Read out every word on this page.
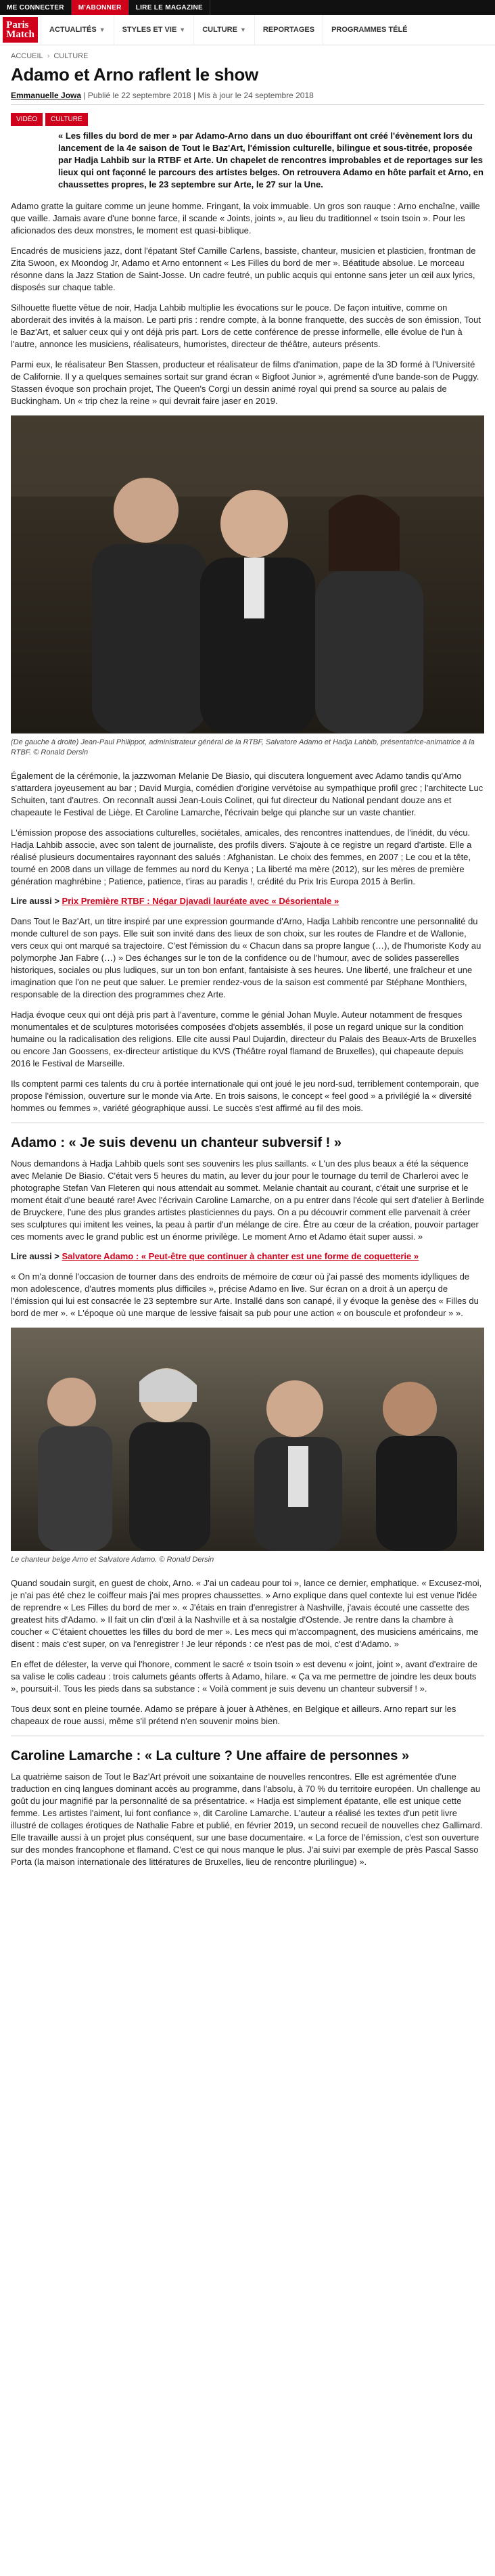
ME CONNECTER	M'ABONNER	LIRE LE MAGAZINE
Paris
Match ACTUALITÉS ▼ STYLES ET VIE ▼ CULTURE ▼ REPORTAGES PROGRAMMES TÉLÉ
ACCUEIL › CULTURE
Adamo et Arno raflent le show
Emmanuelle Jowa | Publié le 22 septembre 2018 | Mis à jour le 24 septembre 2018
VIDÉO	CULTURE

« Les filles du bord de mer » par Adamo-Arno dans un duo ébouriffant ont créé l'évènement lors du lancement de la 4e saison de Tout le Baz'Art, l'émission culturelle, bilingue et sous-titrée, proposée par Hadja Lahbib sur la RTBF et Arte. Un chapelet de rencontres improbables et de reportages sur les lieux qui ont façonné le parcours des artistes belges. On retrouvera Adamo en hôte parfait et Arno, en chaussettes propres, le 23 septembre sur Arte, le 27 sur la Une.

Adamo gratte la guitare comme un jeune homme. Fringant, la voix immuable. Un gros son rauque : Arno enchaîne, vaille que vaille. Jamais avare d'une bonne farce, il scande « Joints, joints », au lieu du traditionnel « tsoin tsoin ». Pour les aficionados des deux monstres, le moment est quasi-biblique.

Encadrés de musiciens jazz, dont l'épatant Stef Camille Carlens, bassiste, chanteur, musicien et plasticien, frontman de Zita Swoon, ex Moondog Jr, Adamo et Arno entonnent « Les Filles du bord de mer ». Béatitude absolue. Le morceau résonne dans la Jazz Station de Saint-Josse. Un cadre feutré, un public acquis qui entonne sans jeter un œil aux lyrics, disposés sur chaque table.

Silhouette fluette vêtue de noir, Hadja Lahbib multiplie les évocations sur le pouce. De façon intuitive, comme on aborderait des invités à la maison. Le parti pris : rendre compte, à la bonne franquette, des succès de son émission, Tout le Baz'Art, et saluer ceux qui y ont déjà pris part. Lors de cette conférence de presse informelle, elle évolue de l'un à l'autre, annonce les musiciens, réalisateurs, humoristes, directeur de théâtre, auteurs présents.

Parmi eux, le réalisateur Ben Stassen, producteur et réalisateur de films d'animation, pape de la 3D formé à l'Université de Californie. Il y a quelques semaines sortait sur grand écran « Bigfoot Junior », agrémenté d'une bande-son de Puggy. Stassen évoque son prochain projet, The Queen's Corgi un dessin animé royal qui prend sa source au palais de Buckingham. Un « trip chez la reine » qui devrait faire jaser en 2019.

(De gauche à droite) Jean-Paul Philippot, administrateur général de la RTBF, Salvatore Adamo et Hadja Lahbib, présentatrice-animatrice à la RTBF. © Ronald Dersin

Également de la cérémonie, la jazzwoman Melanie De Biasio, qui discutera longuement avec Adamo tandis qu'Arno s'attardera joyeusement au bar ; David Murgia, comédien d'origine vervétoise au sympathique profil grec ; l'architecte Luc Schuiten, tant d'autres. On reconnaît aussi Jean-Louis Colinet, qui fut directeur du National pendant douze ans et chapeaute le Festival de Liège. Et Caroline Lamarche, l'écrivain belge qui planche sur un vaste chantier.

L'émission propose des associations culturelles, sociétales, amicales, des rencontres inattendues, de l'inédit, du vécu. Hadja Lahbib associe, avec son talent de journaliste, des profils divers. S'ajoute à ce registre un regard d'artiste. Elle a réalisé plusieurs documentaires rayonnant des salués : Afghanistan. Le choix des femmes, en 2007 ; Le cou et la tête, tourné en 2008 dans un village de femmes au nord du Kenya ; La liberté ma mère (2012), sur les mères de première génération maghrébine ; Patience, patience, t'iras au paradis !, crédité du Prix Iris Europa 2015 à Berlin.

Lire aussi > Prix Première RTBF : Négar Djavadi lauréate avec « Désorientale »

Dans Tout le Baz'Art, un titre inspiré par une expression gourmande d'Arno, Hadja Lahbib rencontre une personnalité du monde culturel de son pays. Elle suit son invité dans des lieux de son choix, sur les routes de Flandre et de Wallonie, vers ceux qui ont marqué sa trajectoire. C'est l'émission du « Chacun dans sa propre langue (…), de l'humoriste Kody au polymorphe Jan Fabre (…) » Des échanges sur le ton de la confidence ou de l'humour, avec de solides passerelles historiques, sociales ou plus ludiques, sur un ton bon enfant, fantaisiste à ses heures. Une liberté, une fraîcheur et une imagination que l'on ne peut que saluer. Le premier rendez-vous de la saison est commenté par Stéphane Monthiers, responsable de la direction des programmes chez Arte.

Hadja évoque ceux qui ont déjà pris part à l'aventure, comme le génial Johan Muyle. Auteur notamment de fresques monumentales et de sculptures motorisées composées d'objets assemblés, il pose un regard unique sur la condition humaine ou la radicalisation des religions. Elle cite aussi Paul Dujardin, directeur du Palais des Beaux-Arts de Bruxelles ou encore Jan Goossens, ex-directeur artistique du KVS (Théâtre royal flamand de Bruxelles), qui chapeaute depuis 2016 le Festival de Marseille.

Ils comptent parmi ces talents du cru à portée internationale qui ont joué le jeu nord-sud, terriblement contemporain, que propose l'émission, ouverture sur le monde via Arte. En trois saisons, le concept « feel good » a privilégié la « diversité hommes ou femmes », variété géographique aussi. Le succès s'est affirmé au fil des mois.

Adamo : « Je suis devenu un chanteur subversif ! »

Nous demandons à Hadja Lahbib quels sont ses souvenirs les plus saillants. « L'un des plus beaux a été la séquence avec Melanie De Biasio. C'était vers 5 heures du matin, au lever du jour pour le tournage du terril de Charleroi avec le photographe Stefan Van Fleteren qui nous attendait au sommet. Melanie chantait au courant, c'était une surprise et le moment était d'une beauté rare! Avec l'écrivain Caroline Lamarche, on a pu entrer dans l'école qui sert d'atelier à Berlinde de Bruyckere, l'une des plus grandes artistes plasticiennes du pays. On a pu découvrir comment elle parvenait à créer ses sculptures qui imitent les veines, la peau à partir d'un mélange de cire. Être au cœur de la création, pouvoir partager ces moments avec le grand public est un énorme privilège. Le moment Arno et Adamo était super aussi. »

Lire aussi > Salvatore Adamo : « Peut-être que continuer à chanter est une forme de coquetterie »

« On m'a donné l'occasion de tourner dans des endroits de mémoire de cœur où j'ai passé des moments idylliques de mon adolescence, d'autres moments plus difficiles », précise Adamo en live. Sur écran on a droit à un aperçu de l'émission qui lui est consacrée le 23 septembre sur Arte. Installé dans son canapé, il y évoque la genèse des « Filles du bord de mer ». « L'époque où une marque de lessive faisait sa pub pour une action « on bouscule et profondeur » ».

Le chanteur belge Arno et Salvatore Adamo. © Ronald Dersin

Quand soudain surgit, en guest de choix, Arno. « J'ai un cadeau pour toi », lance ce dernier, emphatique. « Excusez-moi, je n'ai pas été chez le coiffeur mais j'ai mes propres chaussettes. » Arno explique dans quel contexte lui est venue l'idée de reprendre « Les Filles du bord de mer ». « J'étais en train d'enregistrer à Nashville, j'avais écouté une cassette des greatest hits d'Adamo. » Il fait un clin d'œil à la Nashville et à sa nostalgie d'Ostende. Je rentre dans la chambre à coucher « C'étaient chouettes les filles du bord de mer ». Les mecs qui m'accompagnent, des musiciens américains, me disent : mais c'est super, on va l'enregistrer ! Je leur réponds : ce n'est pas de moi, c'est d'Adamo. »

En effet de délester, la verve qui l'honore, comment le sacré « tsoin tsoin » est devenu « joint, joint », avant d'extraire de sa valise le colis cadeau : trois calumets géants offerts à Adamo, hilare. « Ça va me permettre de joindre les deux bouts », poursuit-il. Tous les pieds dans sa substance : « Voilà comment je suis devenu un chanteur subversif ! ».

Tous deux sont en pleine tournée. Adamo se prépare à jouer à Athènes, en Belgique et ailleurs. Arno repart sur les chapeaux de roue aussi, même s'il prétend n'en souvenir moins bien.

Caroline Lamarche : « La culture ? Une affaire de personnes »

La quatrième saison de Tout le Baz'Art prévoit une soixantaine de nouvelles rencontres. Elle est agrémentée d'une traduction en cinq langues dominant accès au programme, dans l'absolu, à 70 % du territoire européen. Un challenge au goût du jour magnifié par la personnalité de sa présentatrice. « Hadja est simplement épatante, elle est unique cette femme. Les artistes l'aiment, lui font confiance », dit Caroline Lamarche. L'auteur a réalisé les textes d'un petit livre illustré de collages érotiques de Nathalie Fabre et publié, en février 2019, un second recueil de nouvelles chez Gallimard. Elle travaille aussi à un projet plus conséquent, sur une base documentaire. « La force de l'émission, c'est son ouverture sur des mondes francophone et flamand. C'est ce qui nous manque le plus. J'ai suivi par exemple de près Pascal Sasso Porta (la maison internationale des littératures de Bruxelles, lieu de rencontre plurilingue) ».
